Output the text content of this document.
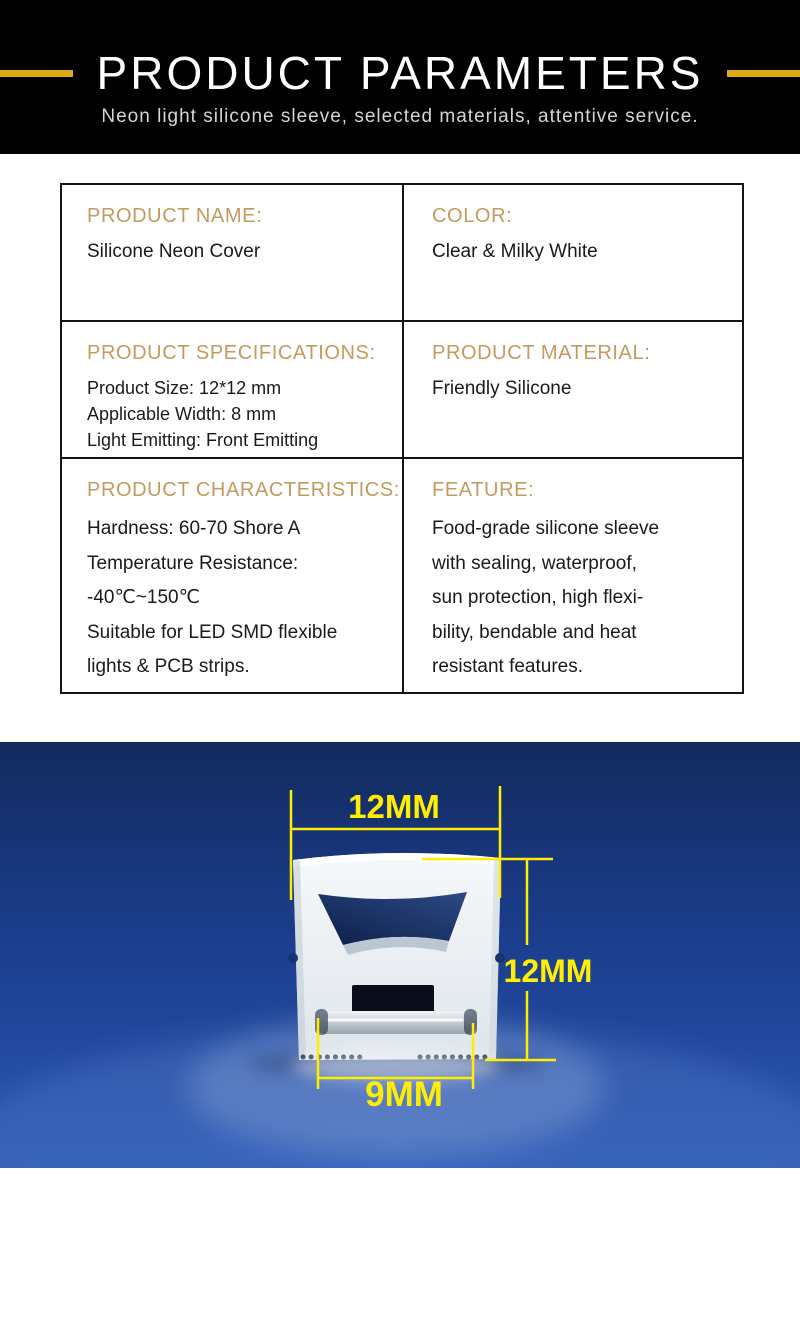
PRODUCT PARAMETERS
Neon light silicone sleeve, selected materials, attentive service.
PRODUCT NAME:
Silicone Neon Cover
COLOR:
Clear & Milky White
PRODUCT SPECIFICATIONS:
Product Size: 12*12 mm
Applicable Width: 8 mm
Light Emitting: Front Emitting
PRODUCT MATERIAL:
Friendly Silicone
PRODUCT CHARACTERISTICS:
Hardness: 60-70 Shore A
Temperature Resistance:
-40℃~150℃
Suitable for LED SMD flexible
lights & PCB strips.
FEATURE:
Food-grade silicone sleeve
with sealing, waterproof,
sun protection, high flexi-
bility, bendable and heat
resistant features.
12MM
12MM
9MM
